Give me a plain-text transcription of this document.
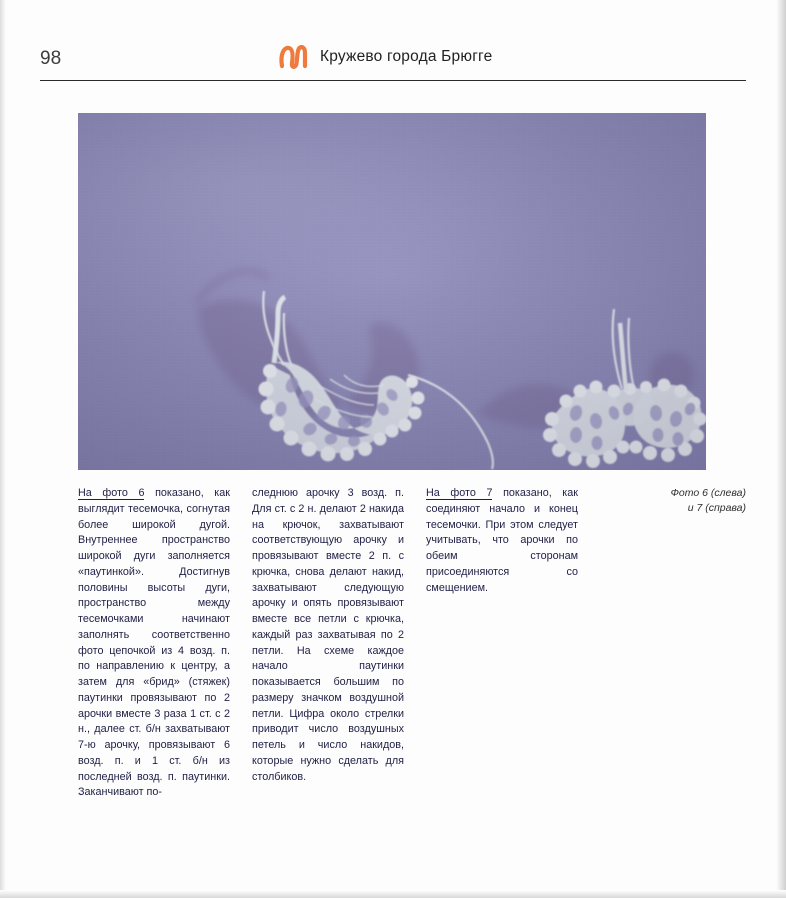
98	Кружево города Брюгге
Фото 6 (слева)
и 7 (справа)

На фото 6 показано, как выглядит тесемочка, согнутая более широкой дугой. Внутреннее пространство широкой дуги заполняется «паутинкой». Достигнув половины высоты дуги, пространство между тесемочками начинают заполнять соответственно фото цепочкой из 4 возд. п. по направлению к центру, а затем для «брид» (стяжек) паутинки провязывают по 2 арочки вместе 3 раза 1 ст. с 2 н., далее ст. б/н захватывают 7-ю арочку, провязывают 6 возд. п. и 1 ст. б/н из последней возд. п. паутинки. Заканчивают по-

следнюю арочку 3 возд. п. Для ст. с 2 н. делают 2 накида на крючок, захватывают соответствующую арочку и провязывают вместе 2 п. с крючка, снова делают накид, захватывают следующую арочку и опять провязывают вместе все петли с крючка, каждый раз захватывая по 2 петли. На схеме каждое начало паутинки показывается большим по размеру значком воздушной петли. Цифра около стрелки приводит число воздушных петель и число накидов, которые нужно сделать для столбиков.

На фото 7 показано, как соединяют начало и конец тесемочки. При этом следует учитывать, что арочки по обеим сторонам присоединяются со смещением.
